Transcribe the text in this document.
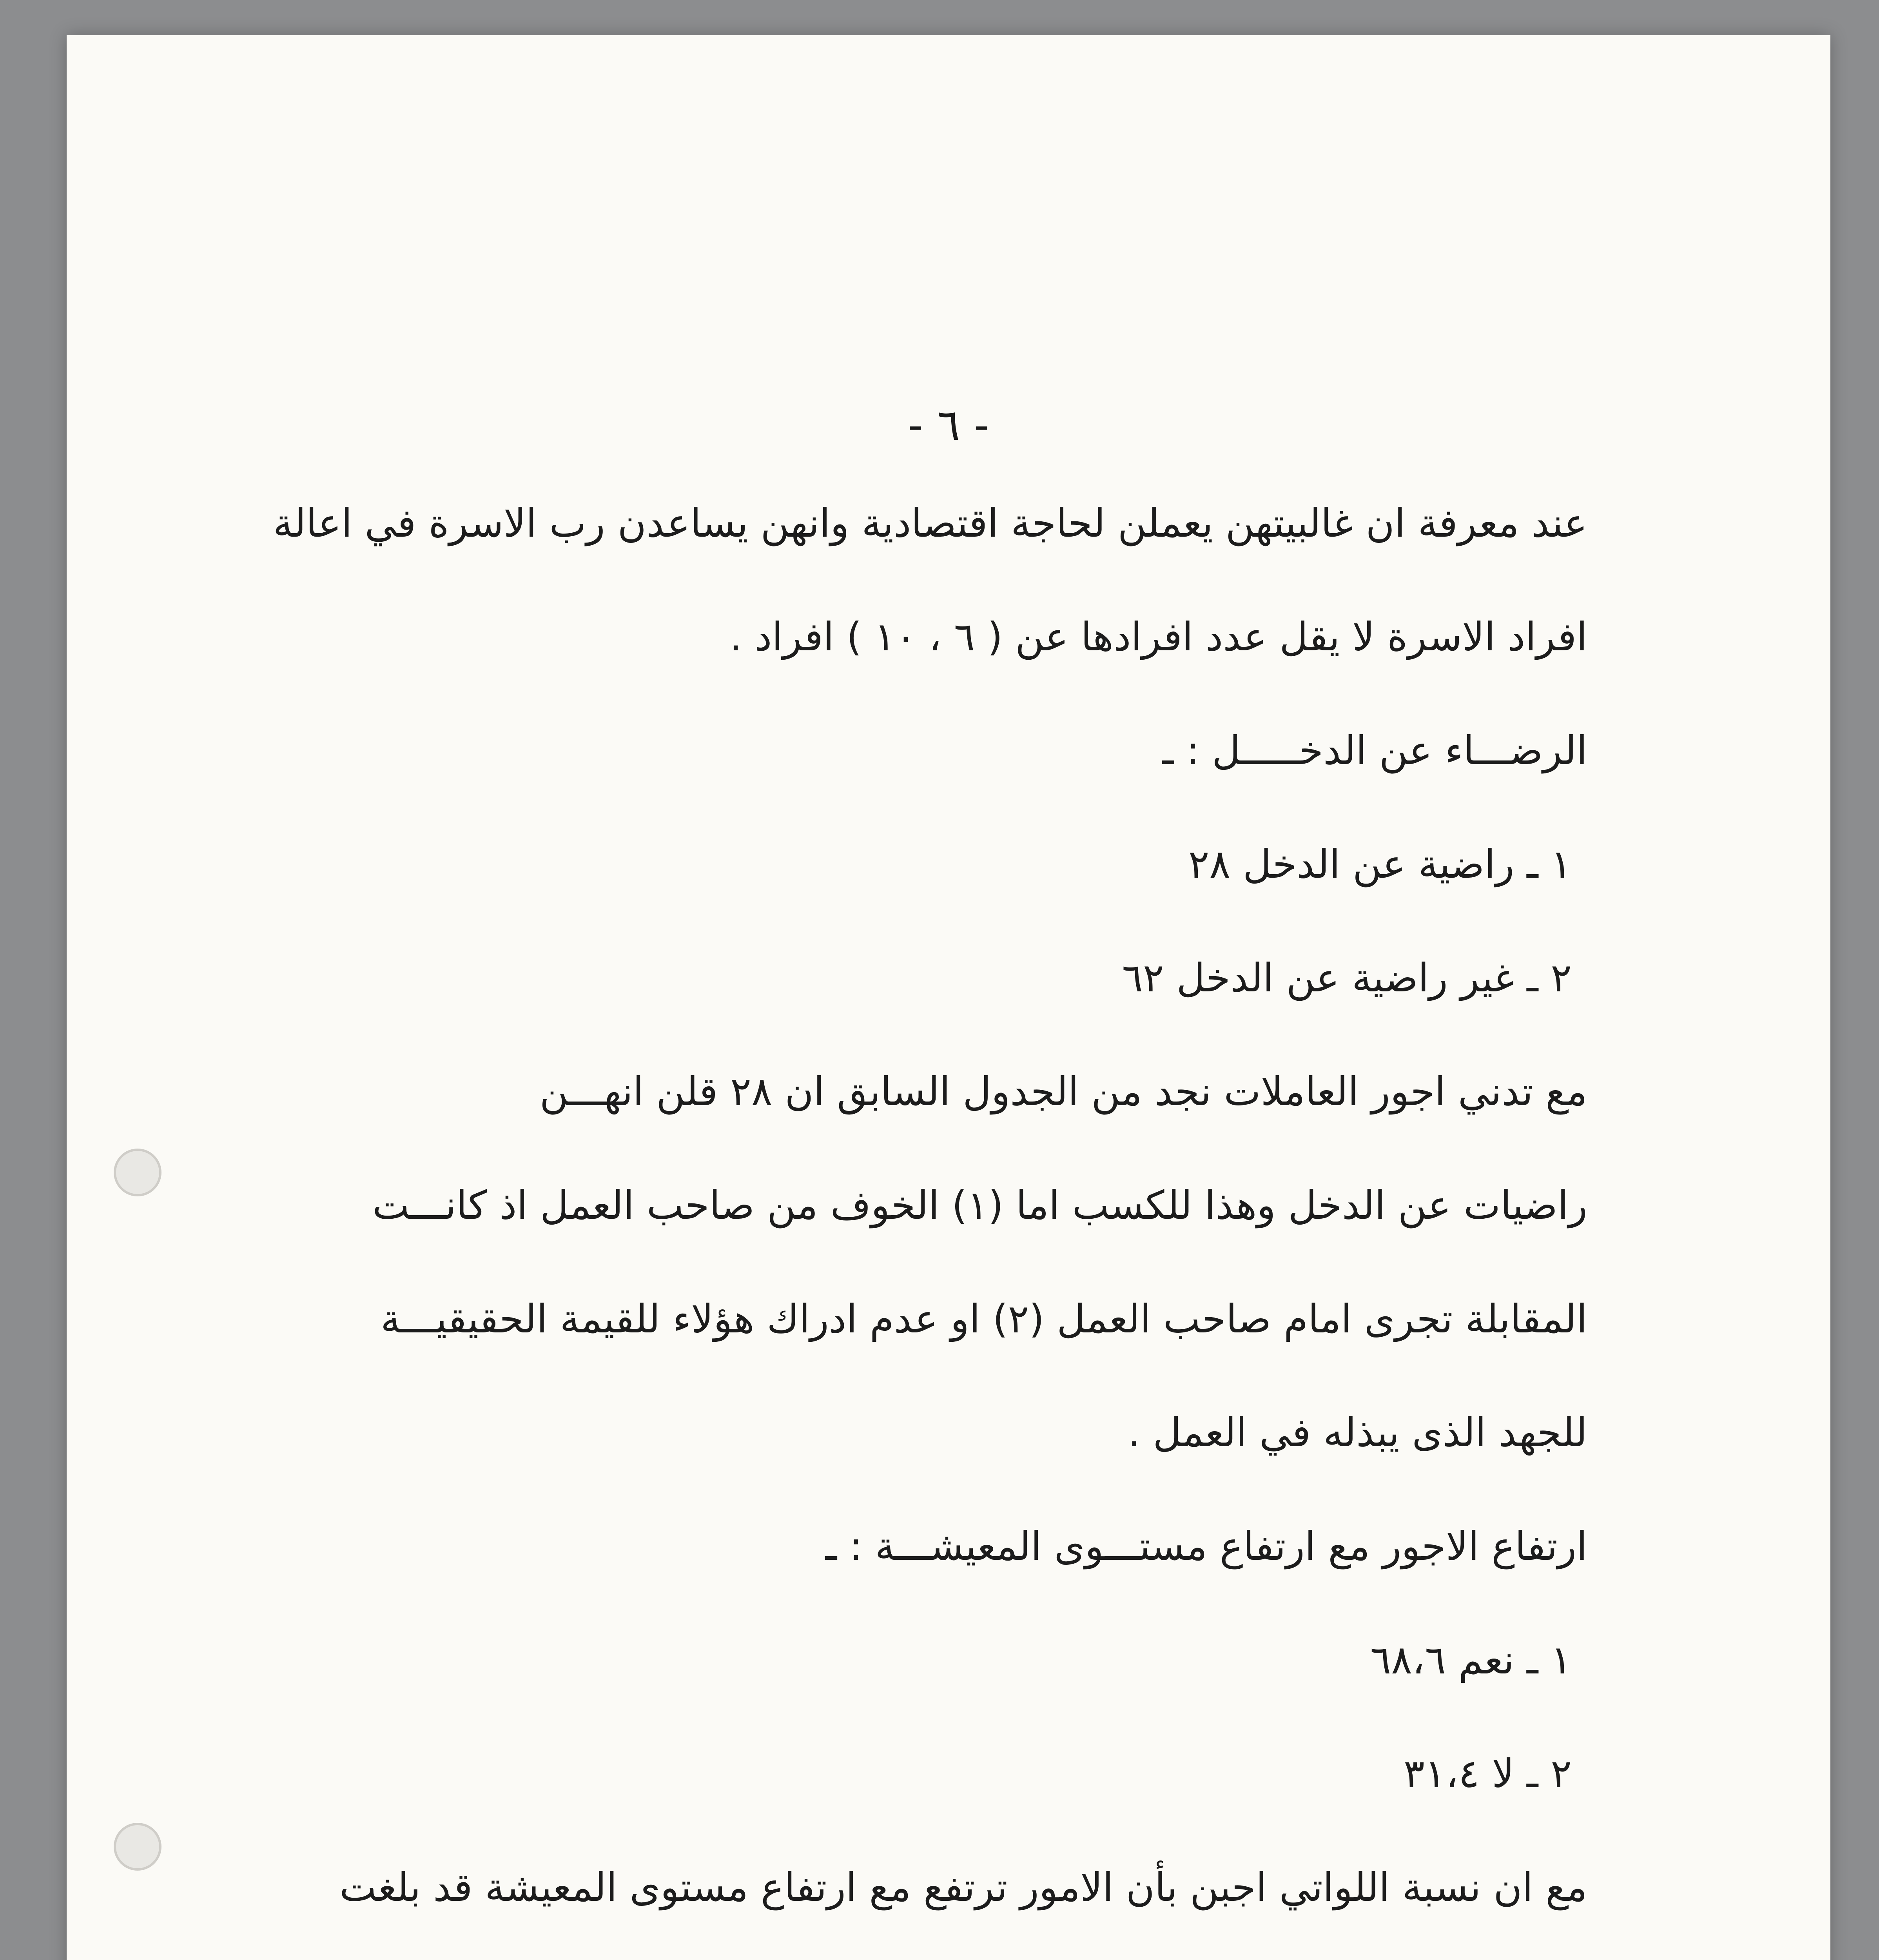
- ٦ -
عند معرفة ان غالبيتهن يعملن لحاجة اقتصادية وانهن يساعدن رب الاسرة في اعالة
افراد الاسرة لا يقل عدد افرادها عن ( ٦ ، ١٠ ) افراد .
الرضـــاء عن الدخـــــل : ـ
١ ـ راضية عن الدخل ٢٨
٢ ـ غير راضية عن الدخل ٦٢
مع تدني اجور العاملات نجد من الجدول السابق ان ٢٨ قلن انهـــن
راضيات عن الدخل وهذا للكسب اما (١) الخوف من صاحب العمل اذ كانـــت
المقابلة تجرى امام صاحب العمل (٢) او عدم ادراك هؤلاء للقيمة الحقيقيـــة
للجهد الذى يبذله في العمل .
ارتفاع الاجور مع ارتفاع مستـــوى المعيشـــة : ـ
١ ـ نعم ٦٨،٦
٢ ـ لا ٣١،٤
مع ان نسبة اللواتي اجبن بأن الامور ترتفع مع ارتفاع مستوى المعيشة قد بلغت
